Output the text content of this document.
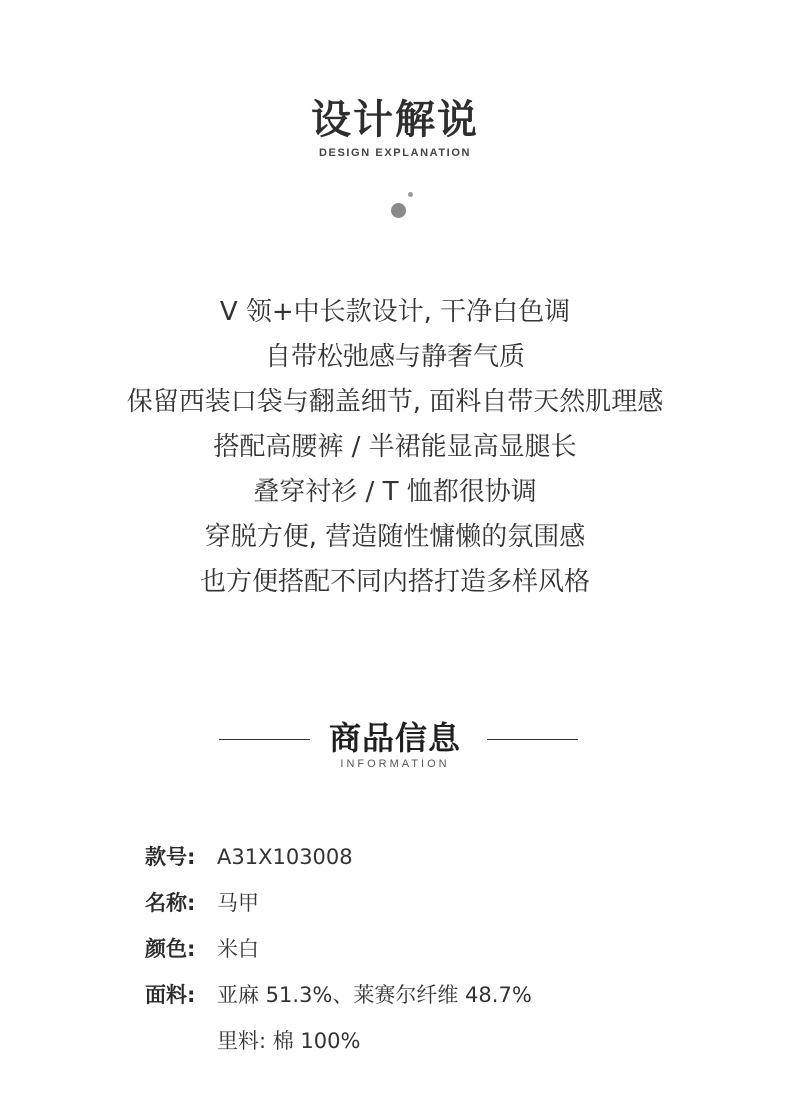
设计解说
DESIGN EXPLANATION
V 领+中长款设计, 干净白色调
自带松弛感与静奢气质
保留西装口袋与翻盖细节, 面料自带天然肌理感
搭配高腰裤 / 半裙能显高显腿长
叠穿衬衫 / T 恤都很协调
穿脱方便, 营造随性慵懒的氛围感
也方便搭配不同内搭打造多样风格
商品信息
INFORMATION
款号:	A31X103008
名称:	马甲
颜色:	米白
面料:	亚麻 51.3%、莱赛尔纤维 48.7%
里料: 棉 100%
